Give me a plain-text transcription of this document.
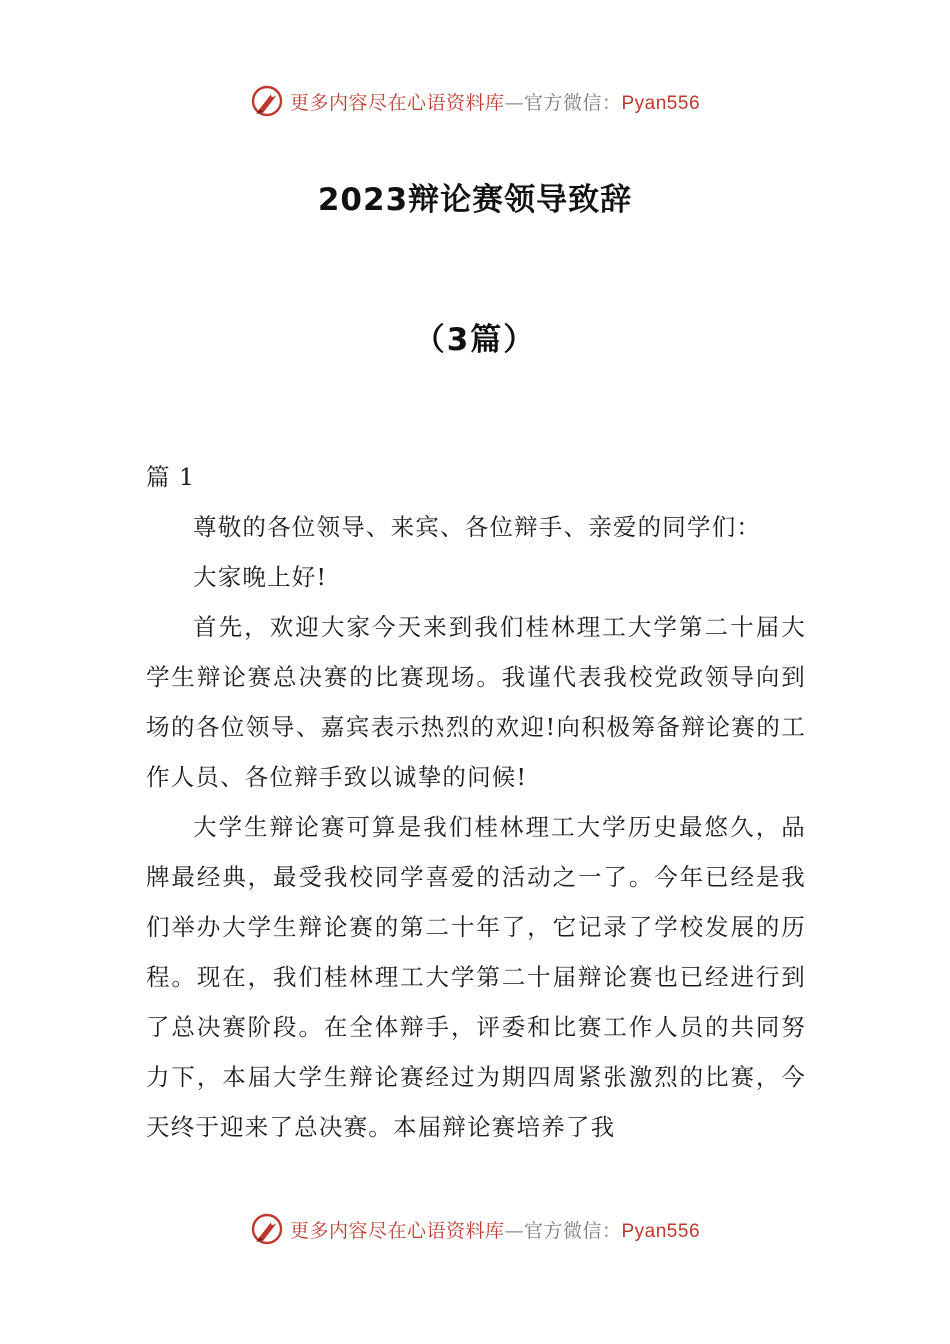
更多内容尽在心语资料库—官方微信：Pyan556
2023辩论赛领导致辞
（3篇）

篇 1

尊敬的各位领导、来宾、各位辩手、亲爱的同学们：

大家晚上好!

首先，欢迎大家今天来到我们桂林理工大学第二十届大学生辩论赛总决赛的比赛现场。我谨代表我校党政领导向到场的各位领导、嘉宾表示热烈的欢迎!向积极筹备辩论赛的工作人员、各位辩手致以诚挚的问候!

大学生辩论赛可算是我们桂林理工大学历史最悠久，品牌最经典，最受我校同学喜爱的活动之一了。今年已经是我们举办大学生辩论赛的第二十年了，它记录了学校发展的历程。现在，我们桂林理工大学第二十届辩论赛也已经进行到了总决赛阶段。在全体辩手，评委和比赛工作人员的共同努力下，本届大学生辩论赛经过为期四周紧张激烈的比赛，今天终于迎来了总决赛。本届辩论赛培养了我

更多内容尽在心语资料库—官方微信：Pyan556
